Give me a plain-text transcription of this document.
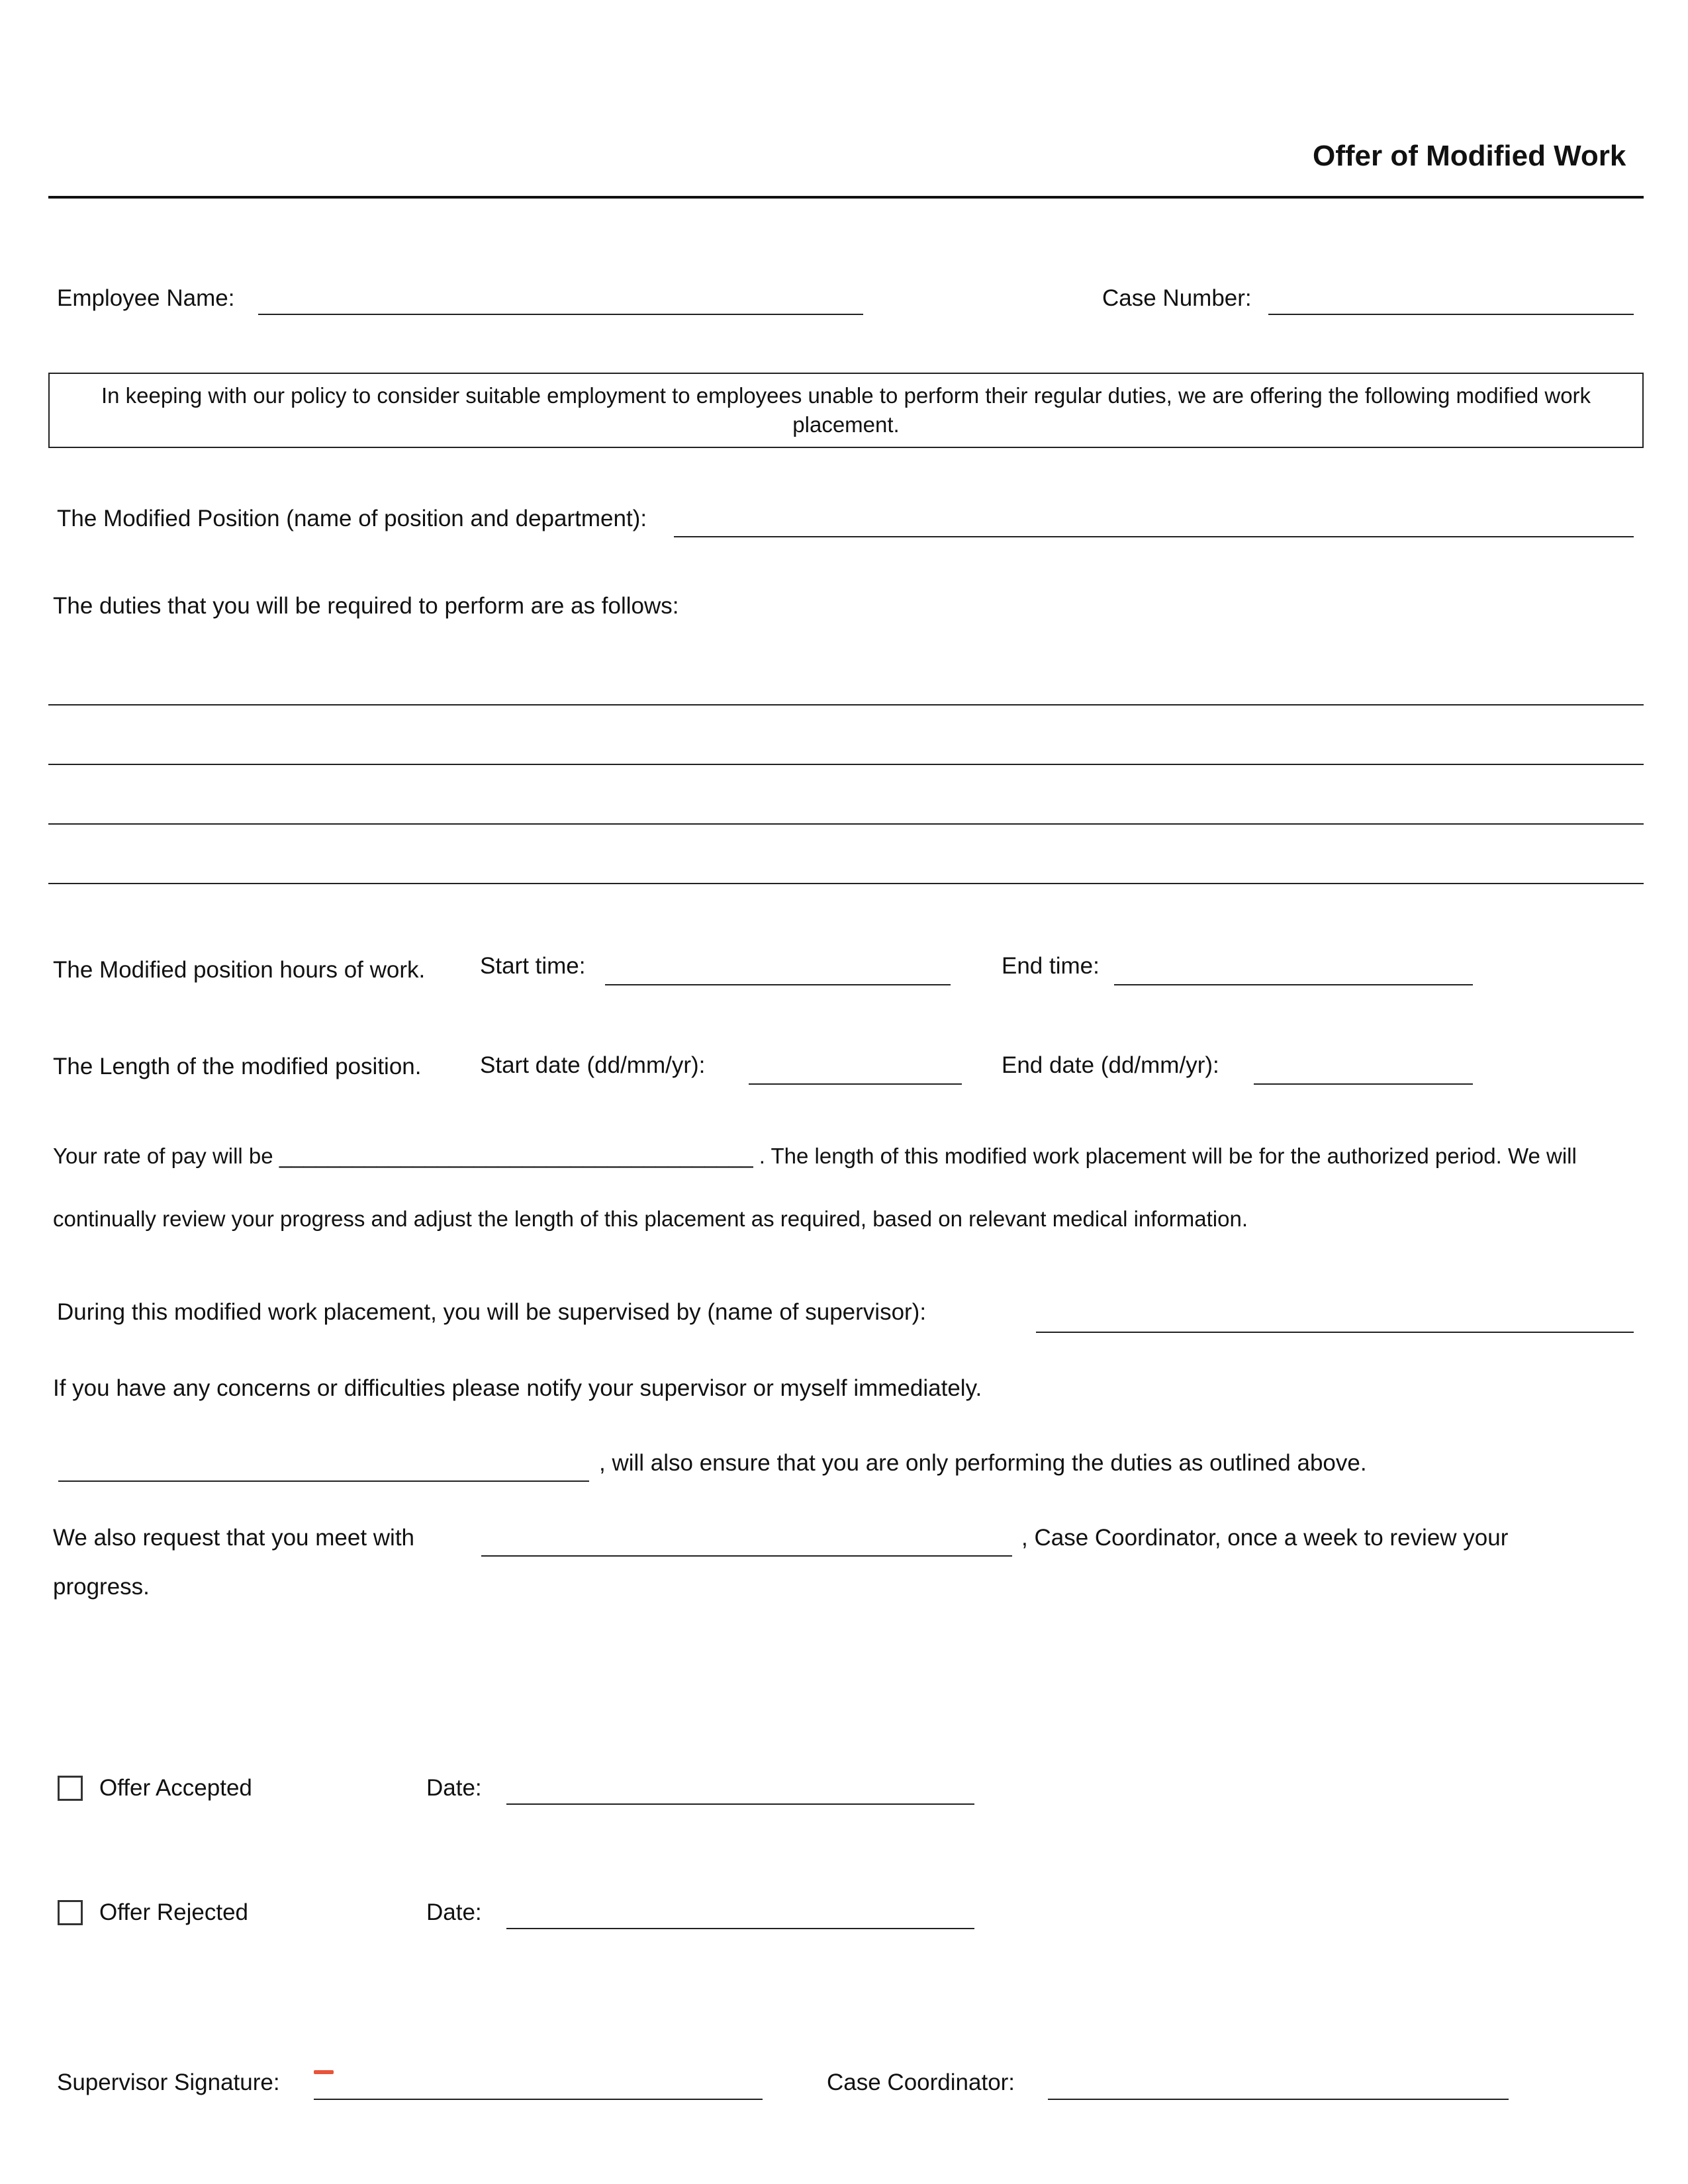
Offer of Modified Work
Employee Name:	Case Number:
In keeping with our policy to consider suitable employment to employees unable to perform their regular duties, we are offering the following modified work placement.
The Modified Position (name of position and department):
The duties that you will be required to perform are as follows:
The Modified position hours of work. Start time:	End time:
The Length of the modified position.	Start date (dd/mm/yr):	End date (dd/mm/yr):
Your rate of pay will be _______________________________________ . The length of this modified work placement will be for the authorized period. We will
continually review your progress and adjust the length of this placement as required, based on relevant medical information.
During this modified work placement, you will be supervised by (name of supervisor):
If you have any concerns or difficulties please notify your supervisor or myself immediately.
, will also ensure that you are only performing the duties as outlined above.
We also request that you meet with	, Case Coordinator, once a week to review your
progress.
Offer Accepted	Date:
Offer Rejected	Date:
Supervisor Signature:	Case Coordinator:
